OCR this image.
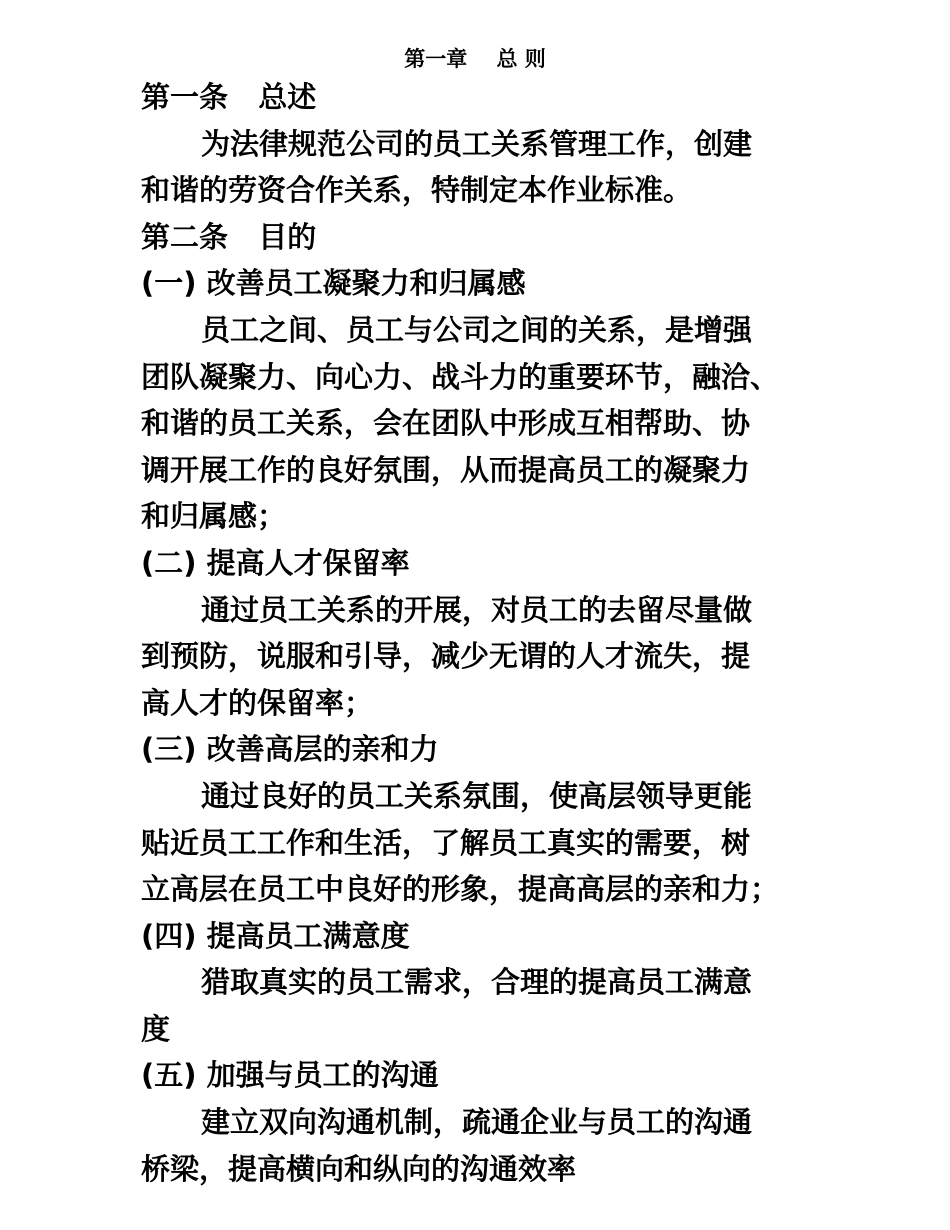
第一章    总 则
第一条   总述
为法律规范公司的员工关系管理工作，创建
和谐的劳资合作关系，特制定本作业标准。
第二条   目的
(一) 改善员工凝聚力和归属感
员工之间、员工与公司之间的关系，是增强
团队凝聚力、向心力、战斗力的重要环节，融洽、
和谐的员工关系，会在团队中形成互相帮助、协
调开展工作的良好氛围，从而提高员工的凝聚力
和归属感；
(二) 提高人才保留率
通过员工关系的开展，对员工的去留尽量做
到预防，说服和引导，减少无谓的人才流失，提
高人才的保留率；
(三) 改善高层的亲和力
通过良好的员工关系氛围，使高层领导更能
贴近员工工作和生活，了解员工真实的需要，树
立高层在员工中良好的形象，提高高层的亲和力；
(四) 提高员工满意度
猎取真实的员工需求，合理的提高员工满意
度
(五) 加强与员工的沟通
建立双向沟通机制，疏通企业与员工的沟通
桥梁，提高横向和纵向的沟通效率
